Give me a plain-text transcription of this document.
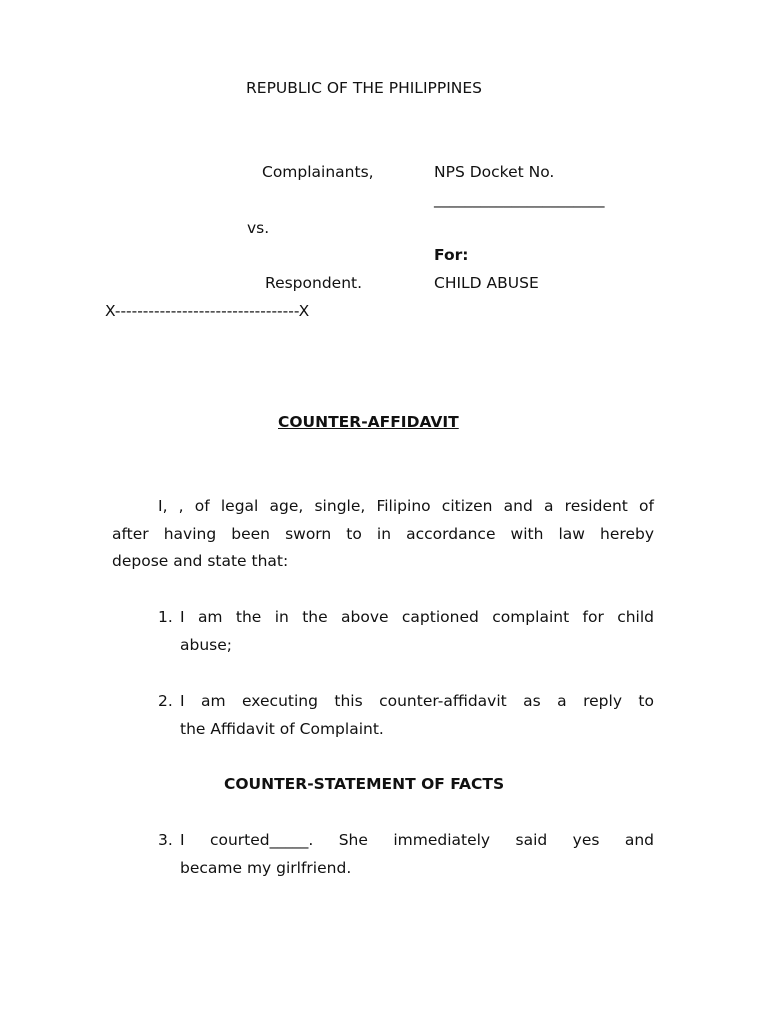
REPUBLIC OF THE PHILIPPINES
Complainants,	NPS Docket No.
______________________
vs.
For:
Respondent.	CHILD ABUSE
X---------------------------------X
COUNTER-AFFIDAVIT
I, , of legal age, single, Filipino citizen and a resident of
after having been sworn to in accordance with law hereby
depose and state that:
1. I am the in the above captioned complaint for child
abuse;
2. I am executing this counter-affidavit as a reply to
the Affidavit of Complaint.
COUNTER-STATEMENT OF FACTS
3. I courted_____. She immediately said yes and
became my girlfriend.
